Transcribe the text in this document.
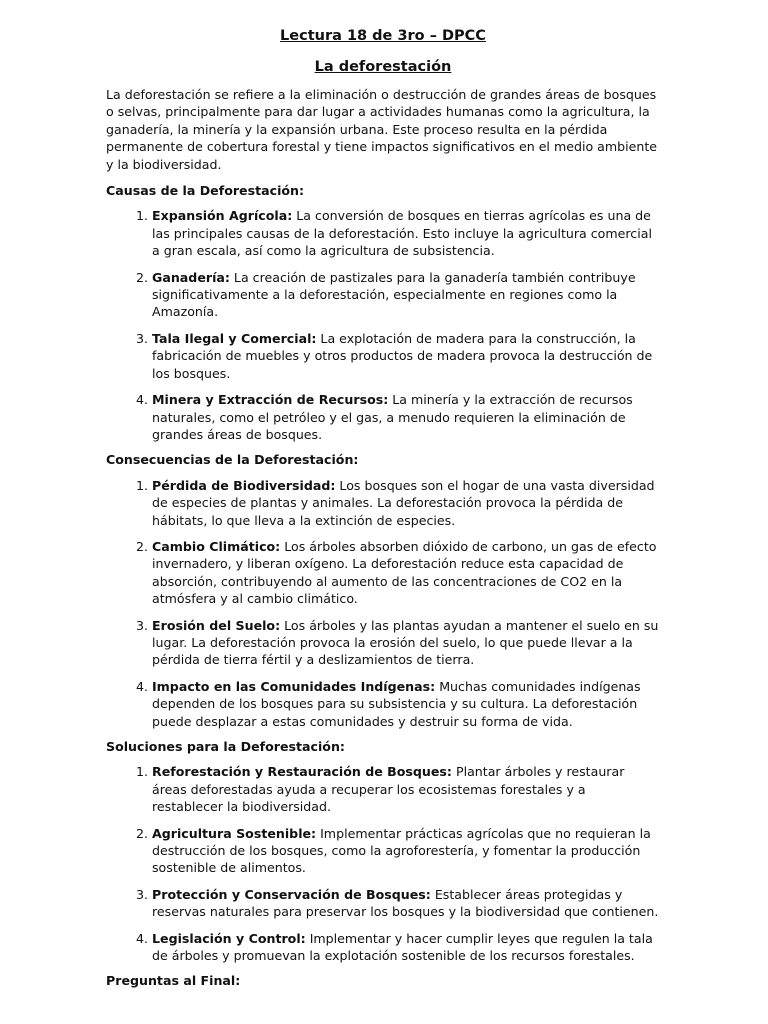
Lectura 18 de 3ro – DPCC
La deforestación

La deforestación se refiere a la eliminación o destrucción de grandes áreas de bosques o selvas, principalmente para dar lugar a actividades humanas como la agricultura, la ganadería, la minería y la expansión urbana. Este proceso resulta en la pérdida permanente de cobertura forestal y tiene impactos significativos en el medio ambiente y la biodiversidad.

Causas de la Deforestación:
1. Expansión Agrícola: La conversión de bosques en tierras agrícolas es una de las principales causas de la deforestación. Esto incluye la agricultura comercial a gran escala, así como la agricultura de subsistencia.
2. Ganadería: La creación de pastizales para la ganadería también contribuye significativamente a la deforestación, especialmente en regiones como la Amazonía.
3. Tala Ilegal y Comercial: La explotación de madera para la construcción, la fabricación de muebles y otros productos de madera provoca la destrucción de los bosques.
4. Minera y Extracción de Recursos: La minería y la extracción de recursos naturales, como el petróleo y el gas, a menudo requieren la eliminación de grandes áreas de bosques.
Consecuencias de la Deforestación:
1. Pérdida de Biodiversidad: Los bosques son el hogar de una vasta diversidad de especies de plantas y animales. La deforestación provoca la pérdida de hábitats, lo que lleva a la extinción de especies.
2. Cambio Climático: Los árboles absorben dióxido de carbono, un gas de efecto invernadero, y liberan oxígeno. La deforestación reduce esta capacidad de absorción, contribuyendo al aumento de las concentraciones de CO2 en la atmósfera y al cambio climático.
3. Erosión del Suelo: Los árboles y las plantas ayudan a mantener el suelo en su lugar. La deforestación provoca la erosión del suelo, lo que puede llevar a la pérdida de tierra fértil y a deslizamientos de tierra.
4. Impacto en las Comunidades Indígenas: Muchas comunidades indígenas dependen de los bosques para su subsistencia y su cultura. La deforestación puede desplazar a estas comunidades y destruir su forma de vida.
Soluciones para la Deforestación:
1. Reforestación y Restauración de Bosques: Plantar árboles y restaurar áreas deforestadas ayuda a recuperar los ecosistemas forestales y a restablecer la biodiversidad.
2. Agricultura Sostenible: Implementar prácticas agrícolas que no requieran la destrucción de los bosques, como la agroforestería, y fomentar la producción sostenible de alimentos.
3. Protección y Conservación de Bosques: Establecer áreas protegidas y reservas naturales para preservar los bosques y la biodiversidad que contienen.
4. Legislación y Control: Implementar y hacer cumplir leyes que regulen la tala de árboles y promuevan la explotación sostenible de los recursos forestales.
Preguntas al Final:
